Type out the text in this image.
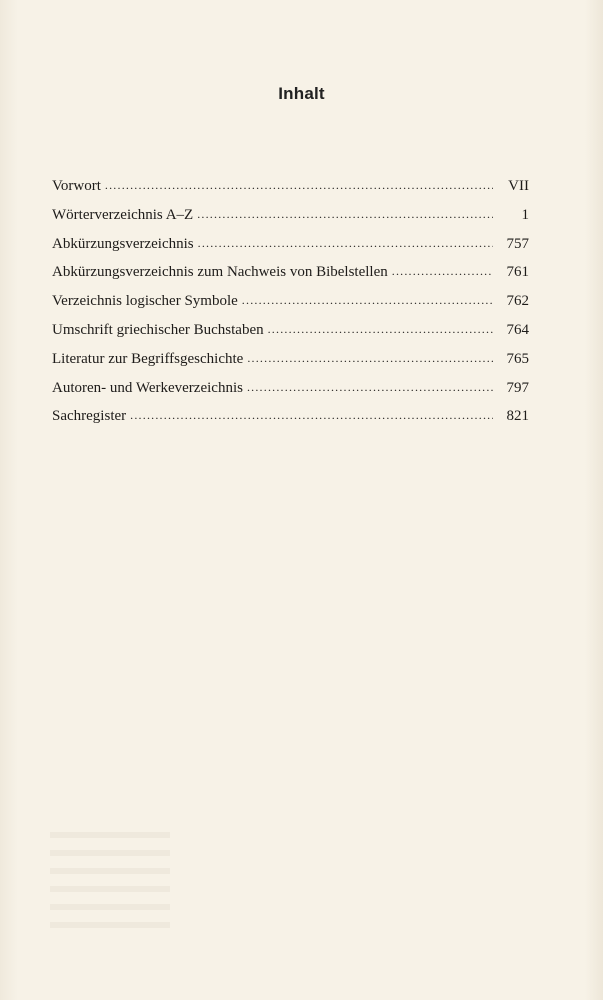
Inhalt
Vorwort . . .	VII
Wörterverzeichnis A–Z . . .	1
Abkürzungsverzeichnis . . .	757
Abkürzungsverzeichnis zum Nachweis von Bibelstellen . . .	761
Verzeichnis logischer Symbole . . .	762
Umschrift griechischer Buchstaben . . .	764
Literatur zur Begriffsgeschichte . . .	765
Autoren- und Werkeverzeichnis . . .	797
Sachregister . . .	821
